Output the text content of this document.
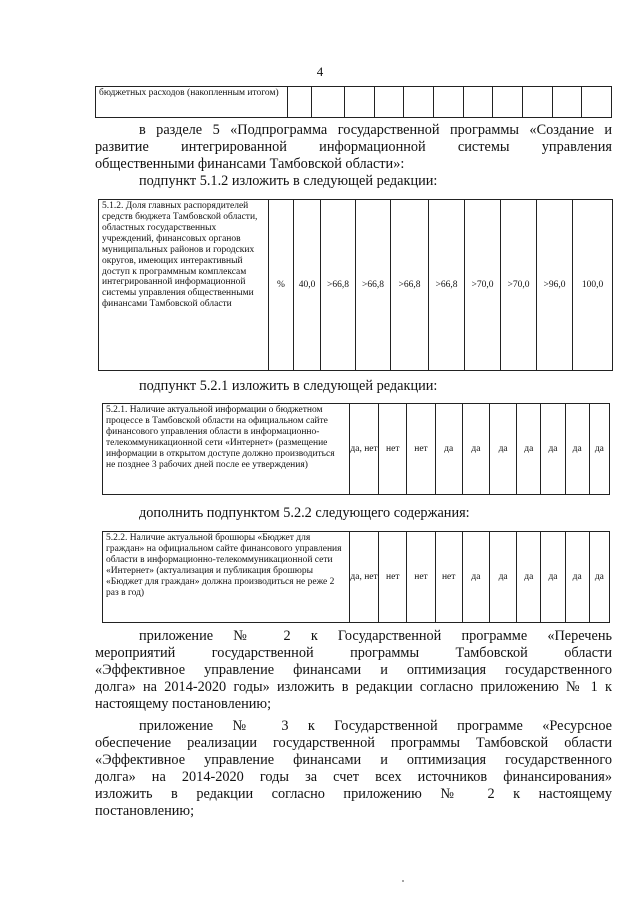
4
бюджетных расходов (накопленным итогом)											
в разделе 5 «Подпрограмма государственной программы «Создание и
развитие интегрированной информационной системы управления
общественными финансами Тамбовской области»:
подпункт 5.1.2 изложить в следующей редакции:
5.1.2. Доля главных распорядителей средств бюджета Тамбовской области, областных государственных учреждений, финансовых органов муниципальных районов и городских округов, имеющих интерактивный доступ к программным комплексам интегрированной информационной системы управления общественными финансами Тамбовской области	%	40,0	>66,8	>66,8	>66,8	>66,8	>70,0	>70,0	>96,0	100,0
подпункт 5.2.1 изложить в следующей редакции:
5.2.1. Наличие актуальной информации о бюджетном процессе в Тамбовской области на официальном сайте финансового управления области в информационно-телекоммуникационной сети «Интернет» (размещение информации в открытом доступе должно производиться не позднее 3 рабочих дней после ее утверждения)	да, нет	нет	нет	да	да	да	да	да	да	да
дополнить подпунктом 5.2.2 следующего содержания:
5.2.2. Наличие актуальной брошюры «Бюджет для граждан» на официальном сайте финансового управления области в информационно-телекоммуникационной сети «Интернет» (актуализация и публикация брошюры «Бюджет для граждан» должна производиться не реже 2 раз в год)	да, нет	нет	нет	нет	да	да	да	да	да	да
приложение № 2 к Государственной программе «Перечень
мероприятий государственной программы Тамбовской области
«Эффективное управление финансами и оптимизация государственного
долга» на 2014-2020 годы» изложить в редакции согласно приложению № 1 к
настоящему постановлению;
приложение № 3 к Государственной программе «Ресурсное
обеспечение реализации государственной программы Тамбовской области
«Эффективное управление финансами и оптимизация государственного
долга» на 2014-2020 годы за счет всех источников финансирования»
изложить в редакции согласно приложению № 2 к настоящему
постановлению;
